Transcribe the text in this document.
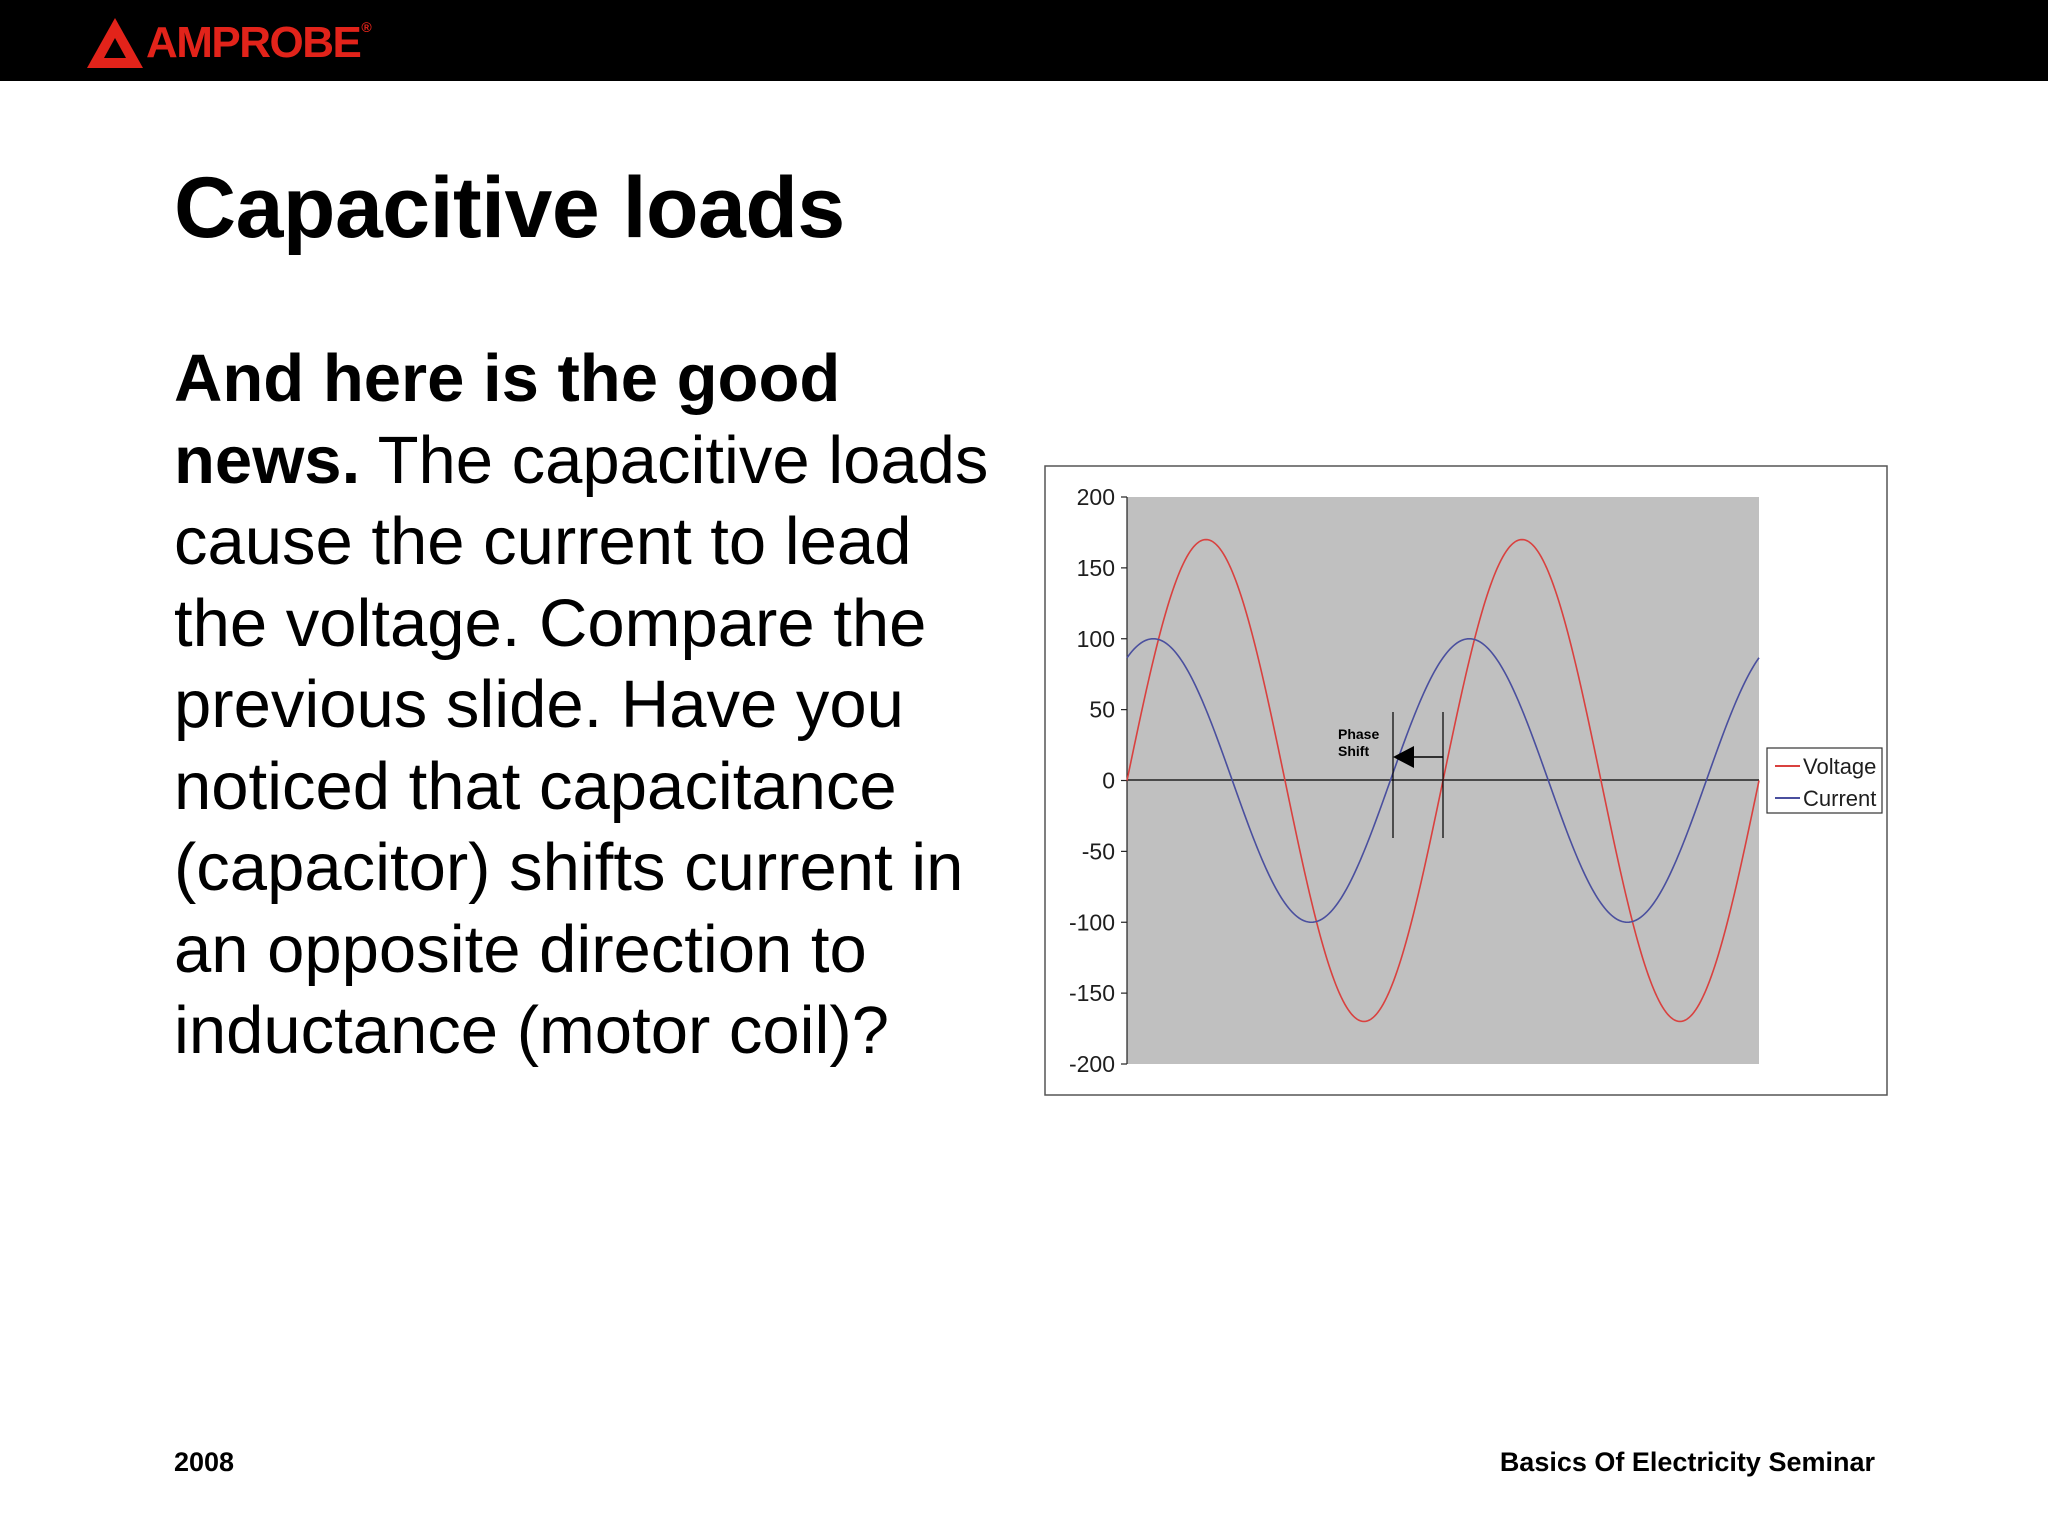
AMPROBE ®
Capacitive loads
And here is the good news. The capacitive loads cause the current to lead the voltage. Compare the previous slide. Have you noticed that capacitance (capacitor) shifts current in an opposite direction to inductance (motor coil)?
200
150
100
50
0
-50
-100
-150
-200
Phase
Shift
Voltage
Current
2008	Basics Of Electricity Seminar
